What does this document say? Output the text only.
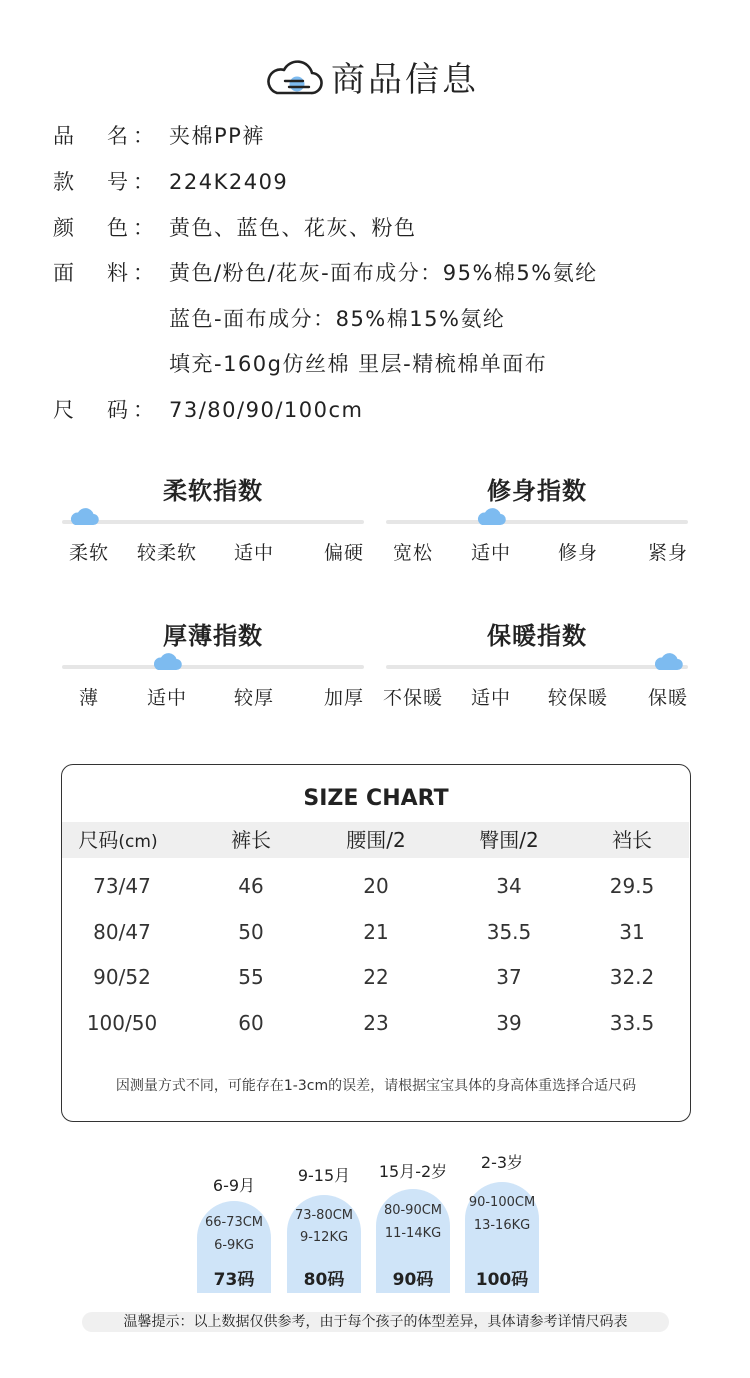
商品信息
品 名 ： 夹棉PP裤
款 号 ： 224K2409
颜 色 ： 黄色、蓝色、花灰、粉色
面 料 ： 黄色/粉色/花灰-面布成分：95%棉5%氨纶
蓝色-面布成分：85%棉15%氨纶
填充-160g仿丝棉 里层-精梳棉单面布
尺 码 ： 73/80/90/100cm
柔软指数
柔软 较柔软 适中	偏硬
修身指数
宽松 适中 修身	紧身
厚薄指数
薄	适中 较厚	加厚
保暖指数
不保暖 适中 较保暖 保暖
SIZE CHART
尺码(cm)	裤长	腰围/2	臀围/2	裆长
73/47	46	20	34	29.5
80/47	50	21	35.5	31
90/52	55	22	37	32.2
100/50	60	23	39	33.5
因测量方式不同，可能存在1-3cm的误差，请根据宝宝具体的身高体重选择合适尺码
6-9月
66-73CM
6-9KG
73码
9-15月
73-80CM
9-12KG
80码
15月-2岁
80-90CM
11-14KG
90码
2-3岁
90-100CM
13-16KG
100码
温馨提示：以上数据仅供参考，由于每个孩子的体型差异，具体请参考详情尺码表
